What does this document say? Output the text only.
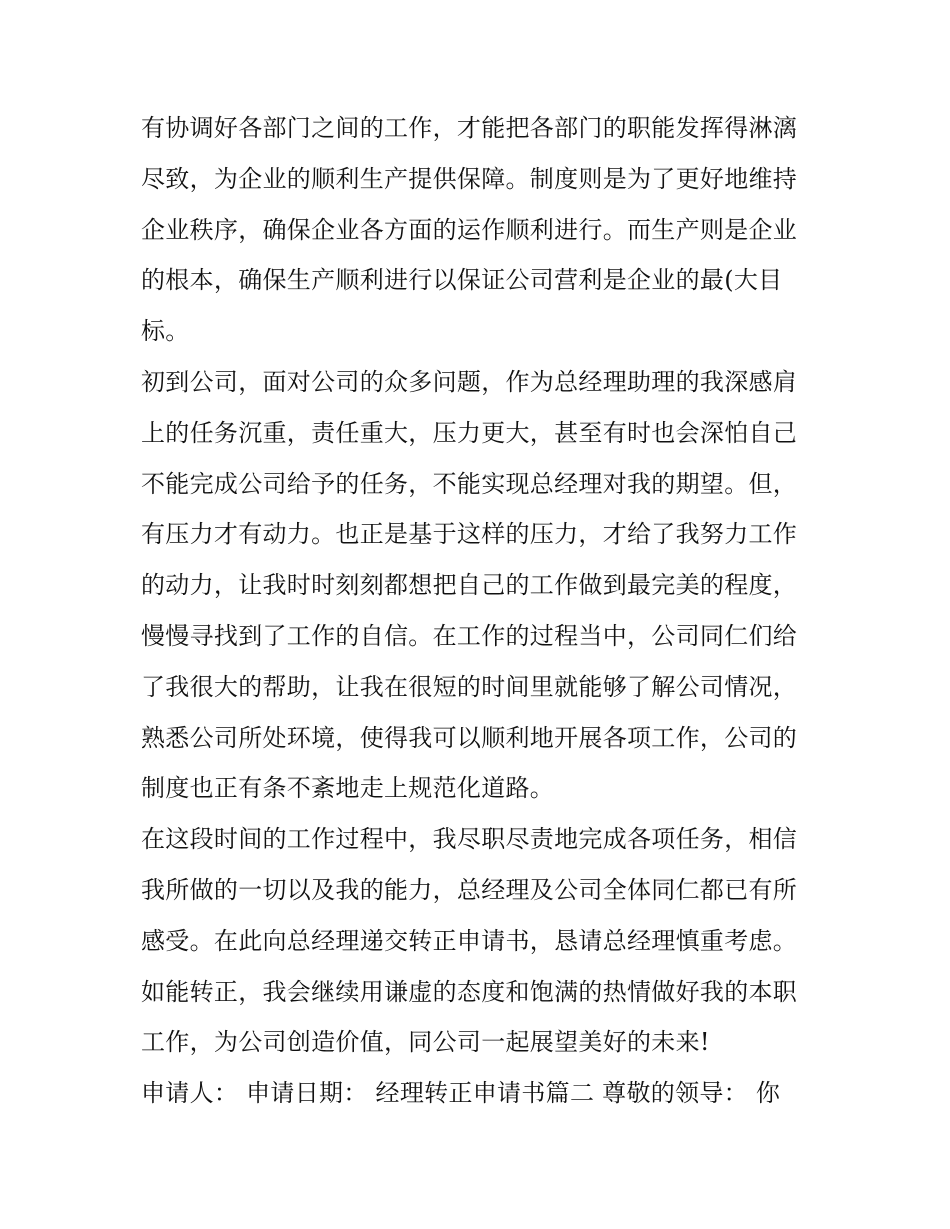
有协调好各部门之间的工作，才能把各部门的职能发挥得淋漓
尽致，为企业的顺利生产提供保障。制度则是为了更好地维持
企业秩序，确保企业各方面的运作顺利进行。而生产则是企业
的根本，确保生产顺利进行以保证公司营利是企业的最(大目
标。
初到公司，面对公司的众多问题，作为总经理助理的我深感肩
上的任务沉重，责任重大，压力更大，甚至有时也会深怕自己
不能完成公司给予的任务，不能实现总经理对我的期望。但，
有压力才有动力。也正是基于这样的压力，才给了我努力工作
的动力，让我时时刻刻都想把自己的工作做到最完美的程度，
慢慢寻找到了工作的自信。在工作的过程当中，公司同仁们给
了我很大的帮助，让我在很短的时间里就能够了解公司情况，
熟悉公司所处环境，使得我可以顺利地开展各项工作，公司的
制度也正有条不紊地走上规范化道路。
在这段时间的工作过程中，我尽职尽责地完成各项任务，相信
我所做的一切以及我的能力，总经理及公司全体同仁都已有所
感受。在此向总经理递交转正申请书，恳请总经理慎重考虑。
如能转正，我会继续用谦虚的态度和饱满的热情做好我的本职
工作，为公司创造价值，同公司一起展望美好的未来!
申请人： 申请日期： 经理转正申请书篇二 尊敬的领导： 你
